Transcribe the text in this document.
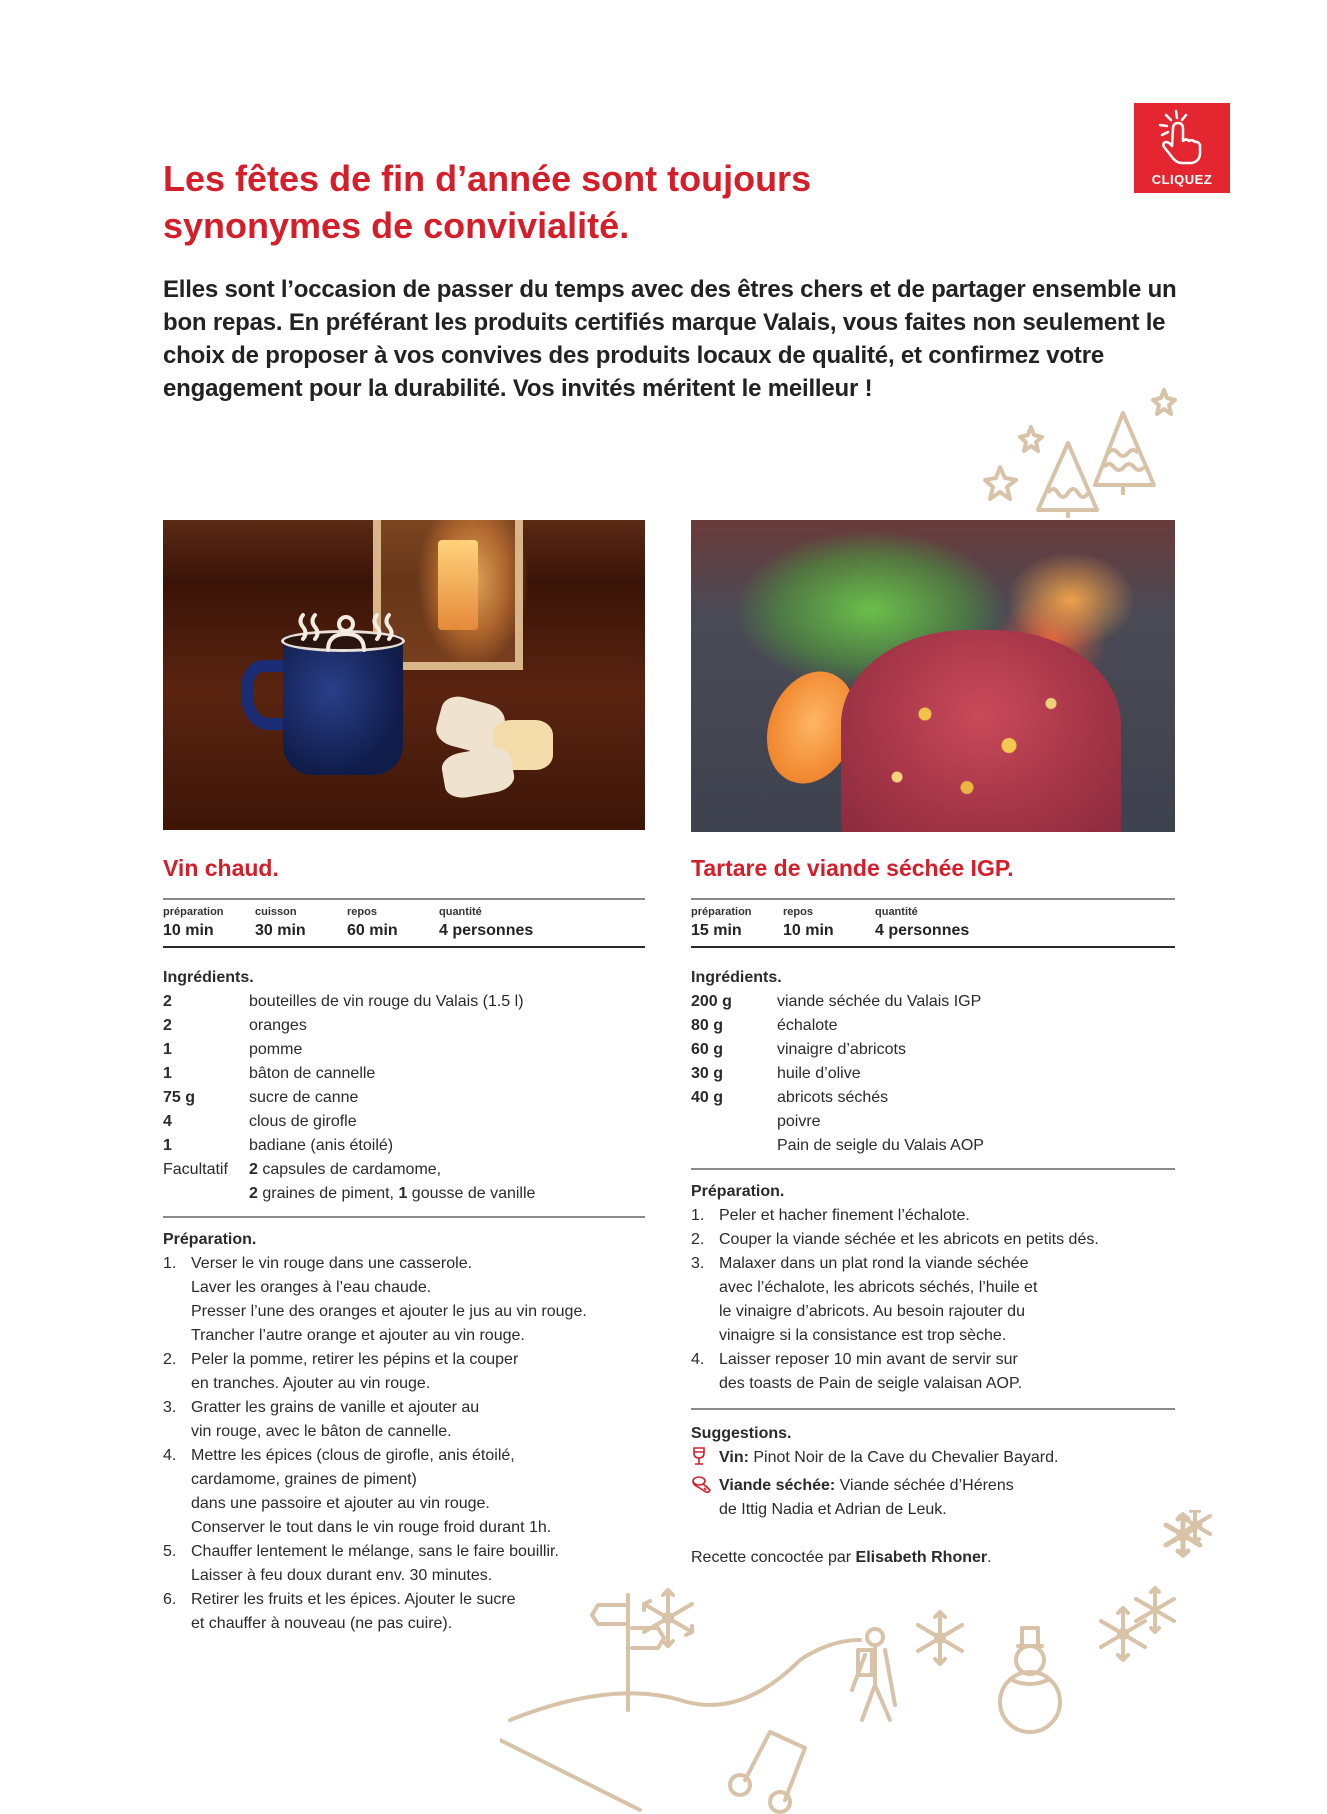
CLIQUEZ
Les fêtes de fin d’année sont toujours
synonymes de convivialité.

Elles sont l’occasion de passer du temps avec des êtres chers et de partager ensemble un bon repas. En préférant les produits certifiés marque Valais, vous faites non seulement le choix de proposer à vos convives des produits locaux de qualité, et confirmez votre engagement pour la durabilité. Vos invités méritent le meilleur !

Vin chaud.
préparation
10 min
cuisson
30 min
repos
60 min
quantité
4 personnes
Ingrédients.
2	bouteilles de vin rouge du Valais (1.5 l)
2	oranges
1	pomme
1	bâton de cannelle
75 g	sucre de canne
4	clous de girofle
1	badiane (anis étoilé)
Facultatif	2 capsules de cardamome,
2 graines de piment, 1 gousse de vanille
Préparation.
1. Verser le vin rouge dans une casserole.
Laver les oranges à l’eau chaude.
Presser l’une des oranges et ajouter le jus au vin rouge.
Trancher l’autre orange et ajouter au vin rouge.
2. Peler la pomme, retirer les pépins et la couper
en tranches. Ajouter au vin rouge.
3. Gratter les grains de vanille et ajouter au
vin rouge, avec le bâton de cannelle.
4. Mettre les épices (clous de girofle, anis étoilé,
cardamome, graines de piment)
dans une passoire et ajouter au vin rouge.
Conserver le tout dans le vin rouge froid durant 1h.
5. Chauffer lentement le mélange, sans le faire bouillir.
Laisser à feu doux durant env. 30 minutes.
6. Retirer les fruits et les épices. Ajouter le sucre
et chauffer à nouveau (ne pas cuire).
Tartare de viande séchée IGP.
préparation
15 min
repos
10 min
quantité
4 personnes
Ingrédients.
200 g	viande séchée du Valais IGP
80 g	échalote
60 g	vinaigre d’abricots
30 g	huile d’olive
40 g	abricots séchés
poivre
Pain de seigle du Valais AOP
Préparation.
1. Peler et hacher finement l’échalote.
2. Couper la viande séchée et les abricots en petits dés.
3. Malaxer dans un plat rond la viande séchée
avec l’échalote, les abricots séchés, l’huile et
le vinaigre d’abricots. Au besoin rajouter du
vinaigre si la consistance est trop sèche.
4. Laisser reposer 10 min avant de servir sur
des toasts de Pain de seigle valaisan AOP.
Suggestions.
Vin: Pinot Noir de la Cave du Chevalier Bayard.
Viande séchée: Viande séchée d’Hérens
de Ittig Nadia et Adrian de Leuk.

Recette concoctée par Elisabeth Rhoner.
